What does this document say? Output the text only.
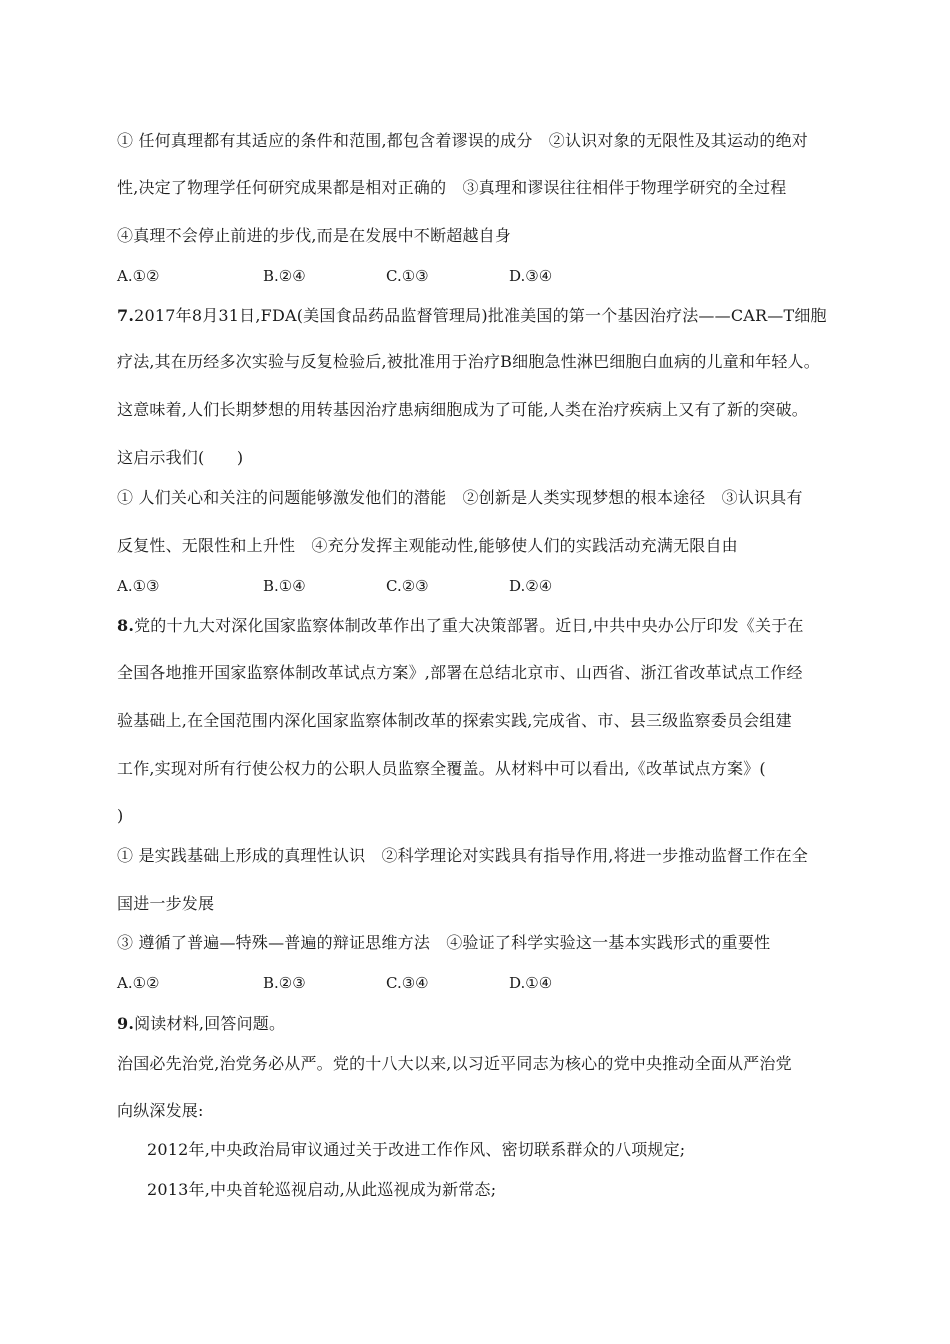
① 任何真理都有其适应的条件和范围,都包含着谬误的成分　②认识对象的无限性及其运动的绝对
性,决定了物理学任何研究成果都是相对正确的　③真理和谬误往往相伴于物理学研究的全过程
④真理不会停止前进的步伐,而是在发展中不断超越自身
A.①②	B.②④	C.①③	D.③④
7.2017年8月31日,FDA(美国食品药品监督管理局)批准美国的第一个基因治疗法——CAR—T细胞
疗法,其在历经多次实验与反复检验后,被批准用于治疗B细胞急性淋巴细胞白血病的儿童和年轻人。
这意味着,人们长期梦想的用转基因治疗患病细胞成为了可能,人类在治疗疾病上又有了新的突破。
这启示我们(　　)
① 人们关心和关注的问题能够激发他们的潜能　②创新是人类实现梦想的根本途径　③认识具有
反复性、无限性和上升性　④充分发挥主观能动性,能够使人们的实践活动充满无限自由
A.①③	B.①④	C.②③	D.②④
8.党的十九大对深化国家监察体制改革作出了重大决策部署。近日,中共中央办公厅印发《关于在
全国各地推开国家监察体制改革试点方案》,部署在总结北京市、山西省、浙江省改革试点工作经
验基础上,在全国范围内深化国家监察体制改革的探索实践,完成省、市、县三级监察委员会组建
工作,实现对所有行使公权力的公职人员监察全覆盖。从材料中可以看出,《改革试点方案》(
)
① 是实践基础上形成的真理性认识　②科学理论对实践具有指导作用,将进一步推动监督工作在全
国进一步发展
③ 遵循了普遍—特殊—普遍的辩证思维方法　④验证了科学实验这一基本实践形式的重要性
A.①②	B.②③	C.③④	D.①④
9.阅读材料,回答问题。
治国必先治党,治党务必从严。党的十八大以来,以习近平同志为核心的党中央推动全面从严治党
向纵深发展:
2012年,中央政治局审议通过关于改进工作作风、密切联系群众的八项规定;
2013年,中央首轮巡视启动,从此巡视成为新常态;
